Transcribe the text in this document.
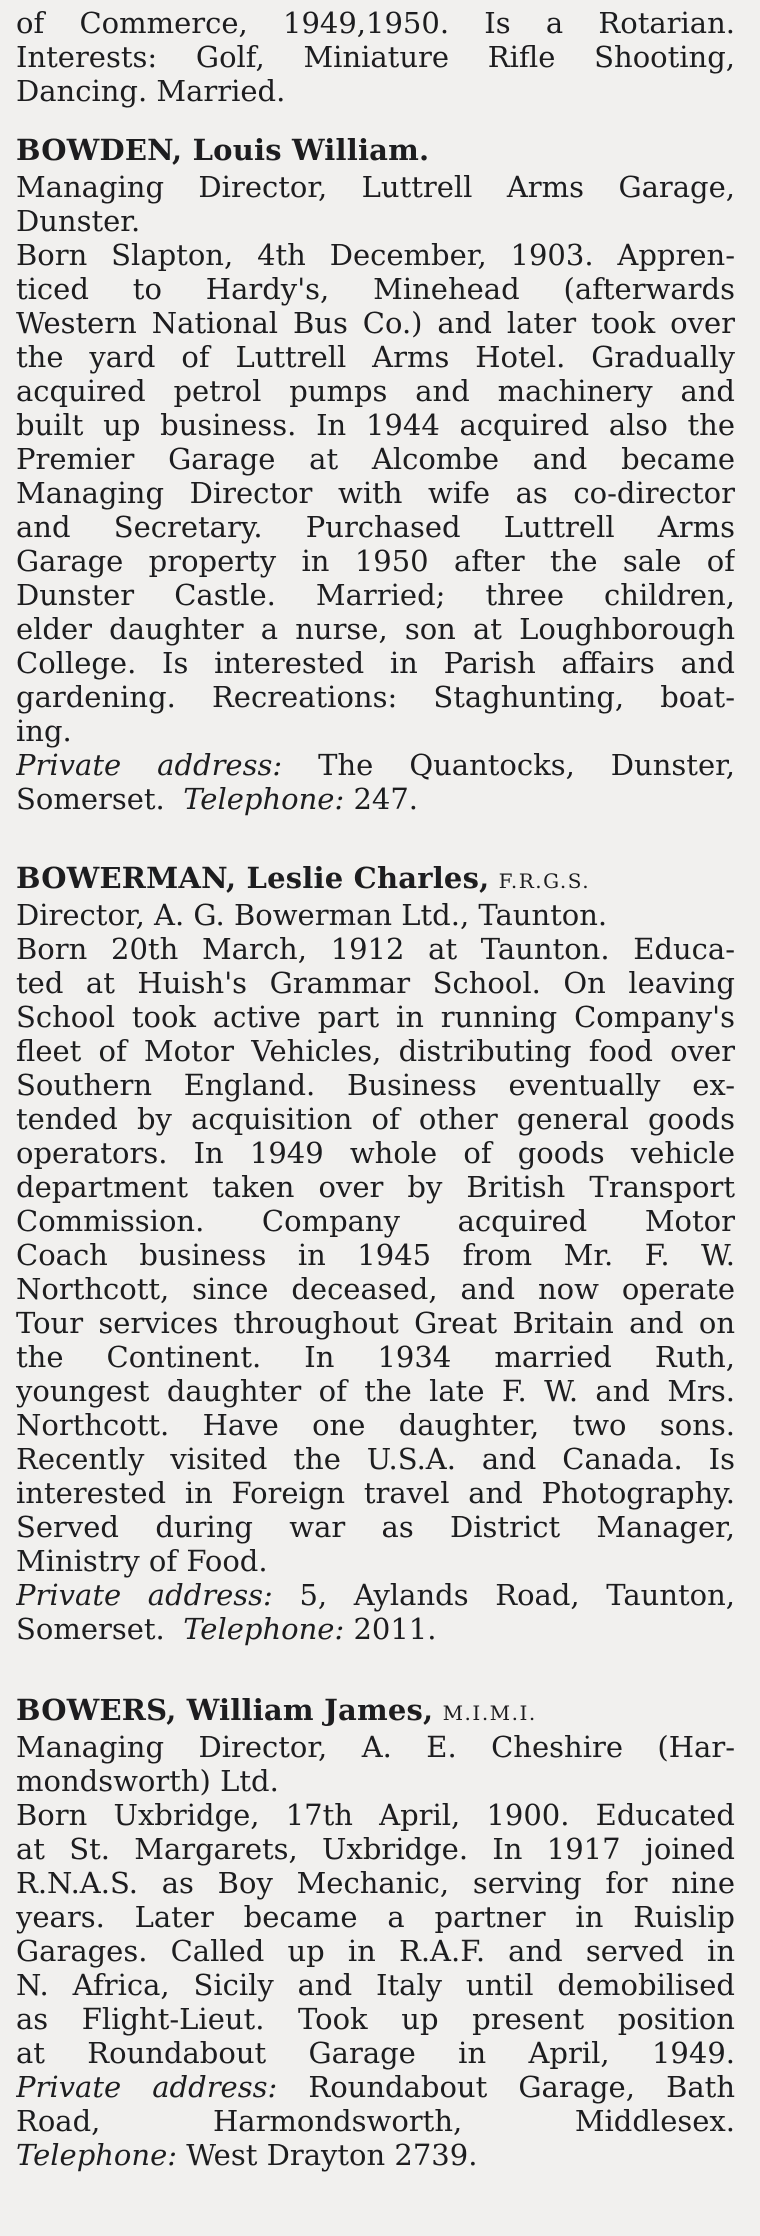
of Commerce, 1949,1950. Is a Rotarian.
Interests: Golf, Miniature Rifle Shooting,
Dancing. Married.
BOWDEN, Louis William.
Managing Director, Luttrell Arms Garage,
Dunster.
Born Slapton, 4th December, 1903. Appren-
ticed to Hardy's, Minehead (afterwards
Western National Bus Co.) and later took over
the yard of Luttrell Arms Hotel. Gradually
acquired petrol pumps and machinery and
built up business. In 1944 acquired also the
Premier Garage at Alcombe and became
Managing Director with wife as co-director
and Secretary. Purchased Luttrell Arms
Garage property in 1950 after the sale of
Dunster Castle. Married; three children,
elder daughter a nurse, son at Loughborough
College. Is interested in Parish affairs and
gardening. Recreations: Staghunting, boat-
ing.
Private address: The Quantocks, Dunster,
Somerset. Telephone: 247.
BOWERMAN, Leslie Charles, F.R.G.S.
Director, A. G. Bowerman Ltd., Taunton.
Born 20th March, 1912 at Taunton. Educa-
ted at Huish's Grammar School. On leaving
School took active part in running Company's
fleet of Motor Vehicles, distributing food over
Southern England. Business eventually ex-
tended by acquisition of other general goods
operators. In 1949 whole of goods vehicle
department taken over by British Transport
Commission. Company acquired Motor
Coach business in 1945 from Mr. F. W.
Northcott, since deceased, and now operate
Tour services throughout Great Britain and on
the Continent. In 1934 married Ruth,
youngest daughter of the late F. W. and Mrs.
Northcott. Have one daughter, two sons.
Recently visited the U.S.A. and Canada. Is
interested in Foreign travel and Photography.
Served during war as District Manager,
Ministry of Food.
Private address: 5, Aylands Road, Taunton,
Somerset. Telephone: 2011.
BOWERS, William James, M.I.M.I.
Managing Director, A. E. Cheshire (Har-
mondsworth) Ltd.
Born Uxbridge, 17th April, 1900. Educated
at St. Margarets, Uxbridge. In 1917 joined
R.N.A.S. as Boy Mechanic, serving for nine
years. Later became a partner in Ruislip
Garages. Called up in R.A.F. and served in
N. Africa, Sicily and Italy until demobilised
as Flight-Lieut. Took up present position
at Roundabout Garage in April, 1949.
Private address: Roundabout Garage, Bath
Road, Harmondsworth, Middlesex.
Telephone: West Drayton 2739.
